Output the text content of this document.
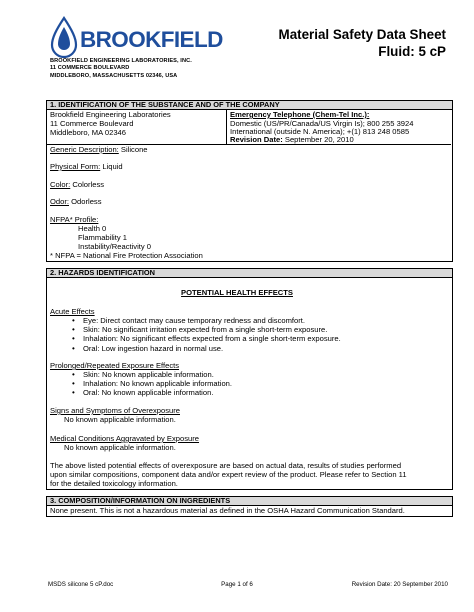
BROOKFIELD
BROOKFIELD ENGINEERING LABORATORIES, INC.
11 COMMERCE BOULEVARD
MIDDLEBORO, MASSACHUSETTS 02346, USA
Material Safety Data Sheet
Fluid: 5 cP
1. IDENTIFICATION OF THE SUBSTANCE AND OF THE COMPANY
Brookfield Engineering Laboratories
11 Commerce Boulevard
Middleboro, MA 02346
Emergency Telephone (Chem-Tel Inc.):
Domestic (US/PR/Canada/US Virgin Is); 800 255 3924
International (outside N. America); +(1) 813 248 0585
Revision Date: September 20, 2010
Generic Description: Silicone
Physical Form: Liquid
Color: Colorless
Odor: Odorless
NFPA* Profile:
Health 0
Flammability 1
Instability/Reactivity 0
* NFPA = National Fire Protection Association
2. HAZARDS IDENTIFICATION
POTENTIAL HEALTH EFFECTS
Acute Effects
• Eye: Direct contact may cause temporary redness and discomfort.
• Skin: No significant irritation expected from a single short-term exposure.
• Inhalation: No significant effects expected from a single short-term exposure.
• Oral: Low ingestion hazard in normal use.
Prolonged/Repeated Exposure Effects
• Skin: No known applicable information.
• Inhalation: No known applicable information.
• Oral: No known applicable information.
Signs and Symptoms of Overexposure
No known applicable information.
Medical Conditions Aggravated by Exposure
No known applicable information.
The above listed potential effects of overexposure are based on actual data, results of studies performed
upon similar compositions, component data and/or expert review of the product. Please refer to Section 11
for the detailed toxicology information.
3. COMPOSITION/INFORMATION ON INGREDIENTS
None present. This is not a hazardous material as defined in the OSHA Hazard Communication Standard.
MSDS silicone 5 cP.doc	Page 1 of 6	Revision Date: 20 September 2010
